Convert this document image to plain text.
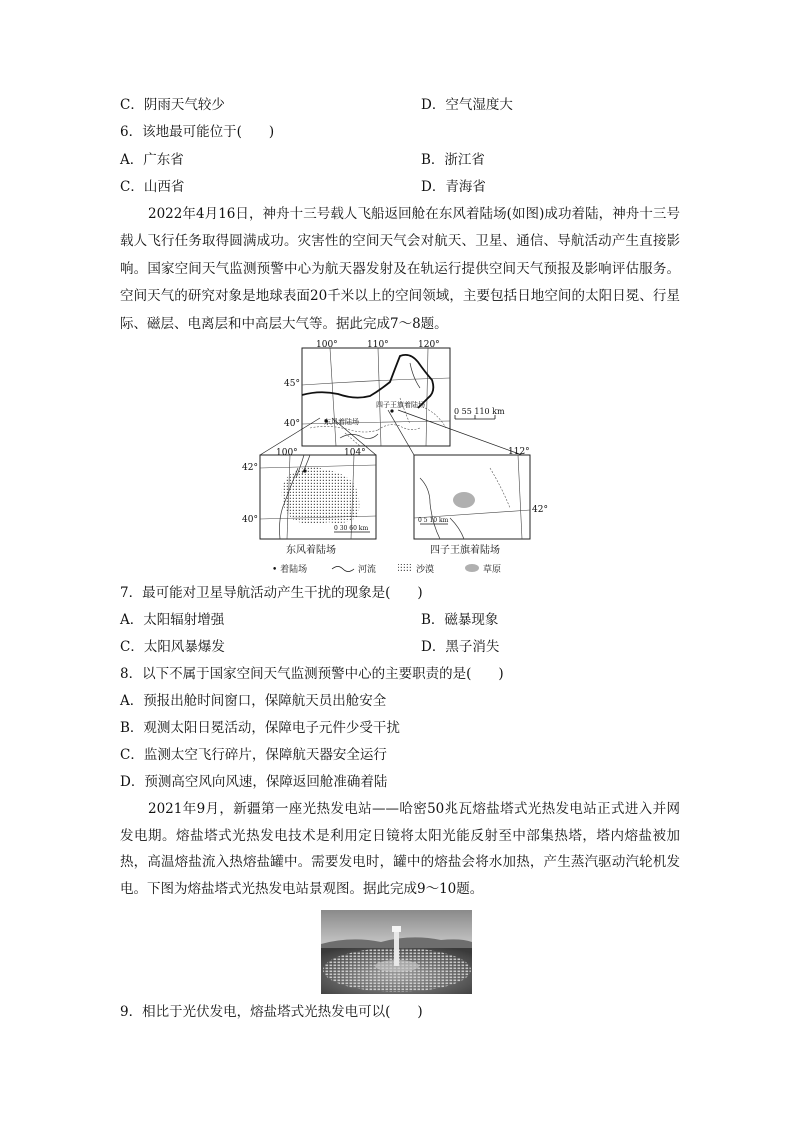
C．阴雨天气较少	D．空气湿度大
6．该地最可能位于(　　)
A．广东省	B．浙江省
C．山西省	D．青海省
2022年4月16日，神舟十三号载人飞船返回舱在东风着陆场(如图)成功着陆，神舟十三号载人飞行任务取得圆满成功。灾害性的空间天气会对航天、卫星、通信、导航活动产生直接影响。国家空间天气监测预警中心为航天器发射及在轨运行提供空间天气预报及影响评估服务。空间天气的研究对象是地球表面20千米以上的空间领域，主要包括日地空间的太阳日冕、行星际、磁层、电离层和中高层大气等。据此完成7～8题。
东风着陆场
四子王旗着陆场
100°	110°	120°
45°
40°
0 55 110 km
100°	104°
42°
40°
0 30 60 km
东风着陆场
112°
42°
0 5 10 km
四子王旗着陆场
• 着陆场	河流	沙漠	草原
7．最可能对卫星导航活动产生干扰的现象是(　　)
A．太阳辐射增强	B．磁暴现象
C．太阳风暴爆发	D．黑子消失
8．以下不属于国家空间天气监测预警中心的主要职责的是(　　)
A．预报出舱时间窗口，保障航天员出舱安全
B．观测太阳日冕活动，保障电子元件少受干扰
C．监测太空飞行碎片，保障航天器安全运行
D．预测高空风向风速，保障返回舱准确着陆
2021年9月，新疆第一座光热发电站——哈密50兆瓦熔盐塔式光热发电站正式进入并网发电期。熔盐塔式光热发电技术是利用定日镜将太阳光能反射至中部集热塔，塔内熔盐被加热，高温熔盐流入热熔盐罐中。需要发电时，罐中的熔盐会将水加热，产生蒸汽驱动汽轮机发电。下图为熔盐塔式光热发电站景观图。据此完成9～10题。
9．相比于光伏发电，熔盐塔式光热发电可以(　　)
